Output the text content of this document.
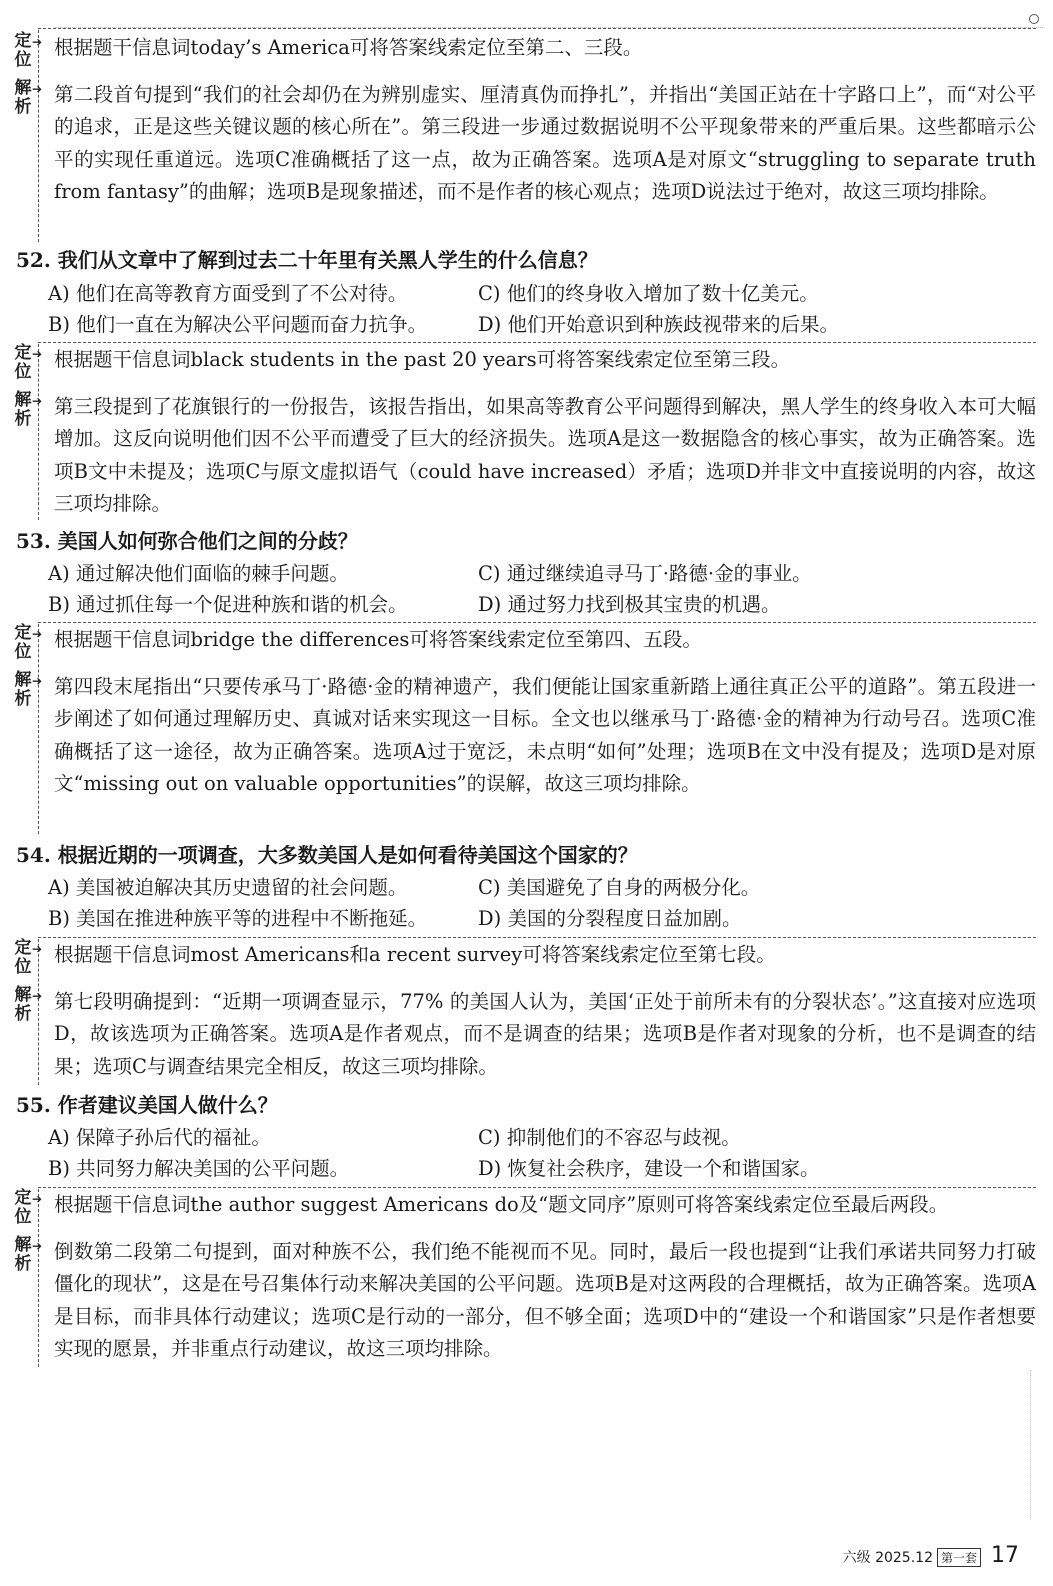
定
位
➔ 根据题干信息词today’s America可将答案线索定位至第二、三段。
解
析
➔ 第二段首句提到“我们的社会却仍在为辨别虚实、厘清真伪而挣扎”，并指出“美国正站在十字路口上”，而“对公平的追求，正是这些关键议题的核心所在”。第三段进一步通过数据说明不公平现象带来的严重后果。这些都暗示公平的实现任重道远。选项C准确概括了这一点，故为正确答案。选项A是对原文“struggling to separate truth from fantasy”的曲解；选项B是现象描述，而不是作者的核心观点；选项D说法过于绝对，故这三项均排除。
52. 我们从文章中了解到过去二十年里有关黑人学生的什么信息？
A) 他们在高等教育方面受到了不公对待。	C) 他们的终身收入增加了数十亿美元。
B) 他们一直在为解决公平问题而奋力抗争。	D) 他们开始意识到种族歧视带来的后果。
定
位
➔ 根据题干信息词black students in the past 20 years可将答案线索定位至第三段。
解
析
➔ 第三段提到了花旗银行的一份报告，该报告指出，如果高等教育公平问题得到解决，黑人学生的终身收入本可大幅增加。这反向说明他们因不公平而遭受了巨大的经济损失。选项A是这一数据隐含的核心事实，故为正确答案。选项B文中未提及；选项C与原文虚拟语气（could have increased）矛盾；选项D并非文中直接说明的内容，故这三项均排除。
53. 美国人如何弥合他们之间的分歧？
A) 通过解决他们面临的棘手问题。	C) 通过继续追寻马丁·路德·金的事业。
B) 通过抓住每一个促进种族和谐的机会。	D) 通过努力找到极其宝贵的机遇。
定
位
➔ 根据题干信息词bridge the differences可将答案线索定位至第四、五段。
解
析
➔ 第四段末尾指出“只要传承马丁·路德·金的精神遗产，我们便能让国家重新踏上通往真正公平的道路”。第五段进一步阐述了如何通过理解历史、真诚对话来实现这一目标。全文也以继承马丁·路德·金的精神为行动号召。选项C准确概括了这一途径，故为正确答案。选项A过于宽泛，未点明“如何”处理；选项B在文中没有提及；选项D是对原文“missing out on valuable opportunities”的误解，故这三项均排除。
54. 根据近期的一项调查，大多数美国人是如何看待美国这个国家的？
A) 美国被迫解决其历史遗留的社会问题。	C) 美国避免了自身的两极分化。
B) 美国在推进种族平等的进程中不断拖延。	D) 美国的分裂程度日益加剧。
定
位
➔ 根据题干信息词most Americans和a recent survey可将答案线索定位至第七段。
解
析
➔ 第七段明确提到：“近期一项调查显示，77% 的美国人认为，美国‘正处于前所未有的分裂状态’。”这直接对应选项 D，故该选项为正确答案。选项A是作者观点，而不是调查的结果；选项B是作者对现象的分析，也不是调查的结果；选项C与调查结果完全相反，故这三项均排除。
55. 作者建议美国人做什么？
A) 保障子孙后代的福祉。	C) 抑制他们的不容忍与歧视。
B) 共同努力解决美国的公平问题。	D) 恢复社会秩序，建设一个和谐国家。
定
位
➔ 根据题干信息词the author suggest Americans do及“题文同序”原则可将答案线索定位至最后两段。
解
析
➔ 倒数第二段第二句提到，面对种族不公，我们绝不能视而不见。同时，最后一段也提到“让我们承诺共同努力打破僵化的现状”，这是在号召集体行动来解决美国的公平问题。选项B是对这两段的合理概括，故为正确答案。选项A是目标，而非具体行动建议；选项C是行动的一部分，但不够全面；选项D中的“建设一个和谐国家”只是作者想要实现的愿景，并非重点行动建议，故这三项均排除。
六级 2025.12 第一套 17
